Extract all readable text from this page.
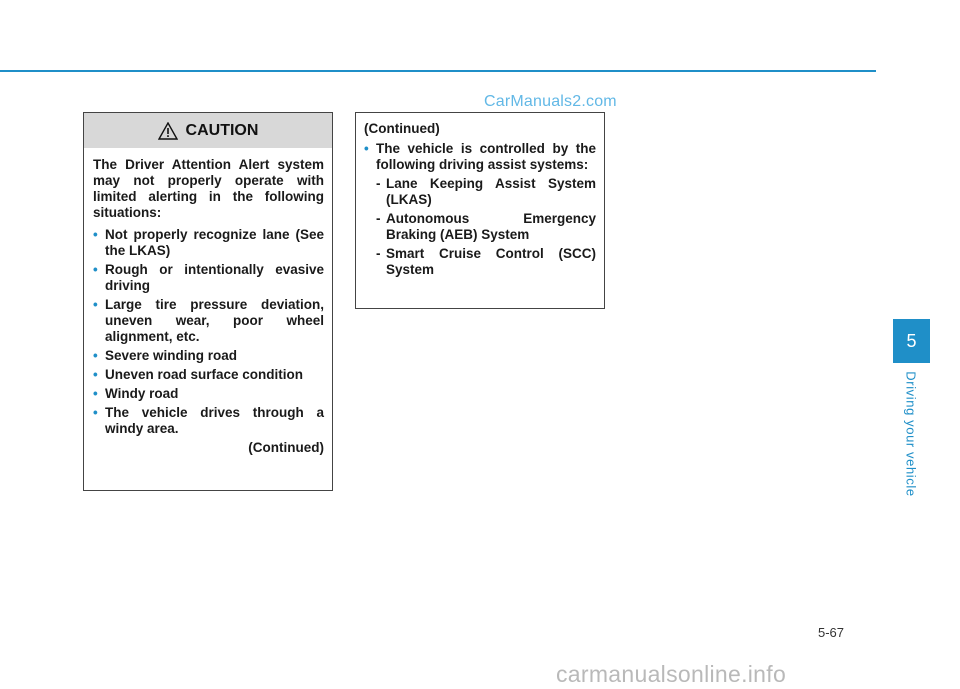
CarManuals2.com
CAUTION
The Driver Attention Alert system may not properly operate with limited alerting in the following situations:
• Not properly recognize lane (See the LKAS)
• Rough or intentionally evasive driving
• Large tire pressure deviation, uneven wear, poor wheel alignment, etc.
• Severe winding road
• Uneven road surface condition
• Windy road
• The vehicle drives through a windy area.
(Continued)
(Continued)
• The vehicle is controlled by the following driving assist systems:
- Lane Keeping Assist System (LKAS)
- Autonomous Emergency Braking (AEB) System
- Smart Cruise Control (SCC) System
5
Driving your vehicle
5-67
carmanualsonline.info
